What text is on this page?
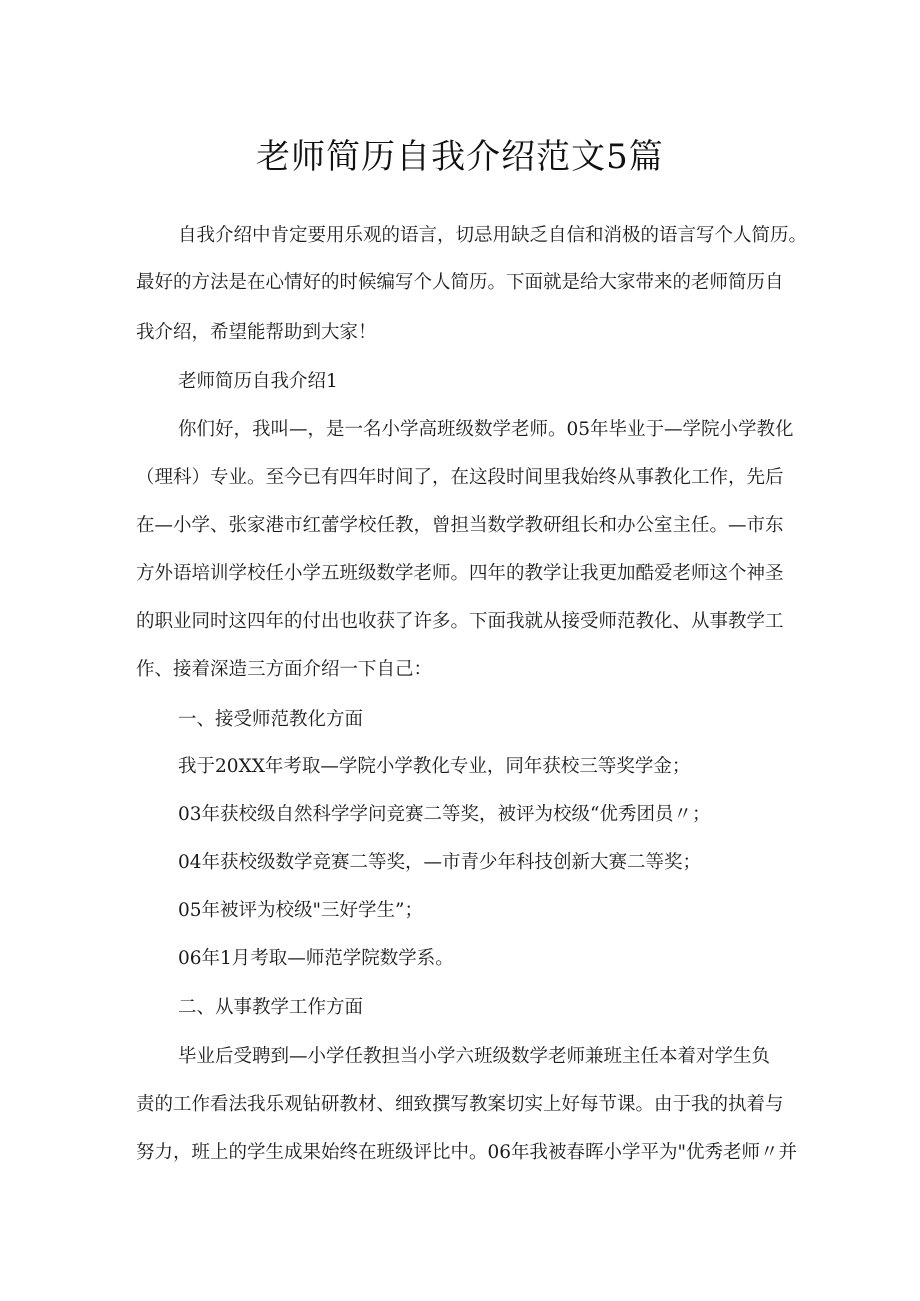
老师简历自我介绍范文5篇
自我介绍中肯定要用乐观的语言，切忌用缺乏自信和消极的语言写个人简历。
最好的方法是在心情好的时候编写个人简历。下面就是给大家带来的老师简历自
我介绍，希望能帮助到大家！
老师简历自我介绍1
你们好，我叫—，是一名小学高班级数学老师。05年毕业于—学院小学教化
（理科）专业。至今已有四年时间了，在这段时间里我始终从事教化工作，先后
在—小学、张家港市红蕾学校任教，曾担当数学教研组长和办公室主任。—市东
方外语培训学校任小学五班级数学老师。四年的教学让我更加酷爱老师这个神圣
的职业同时这四年的付出也收获了许多。下面我就从接受师范教化、从事教学工
作、接着深造三方面介绍一下自己：
一、接受师范教化方面
我于20XX年考取—学院小学教化专业，同年获校三等奖学金；
03年获校级自然科学学问竞赛二等奖，被评为校级“优秀团员〃；
04年获校级数学竞赛二等奖，—市青少年科技创新大赛二等奖；
05年被评为校级"三好学生”；
06年1月考取—师范学院数学系。
二、从事教学工作方面
毕业后受聘到—小学任教担当小学六班级数学老师兼班主任本着对学生负
责的工作看法我乐观钻研教材、细致撰写教案切实上好每节课。由于我的执着与
努力，班上的学生成果始终在班级评比中。06年我被春晖小学平为"优秀老师〃并
